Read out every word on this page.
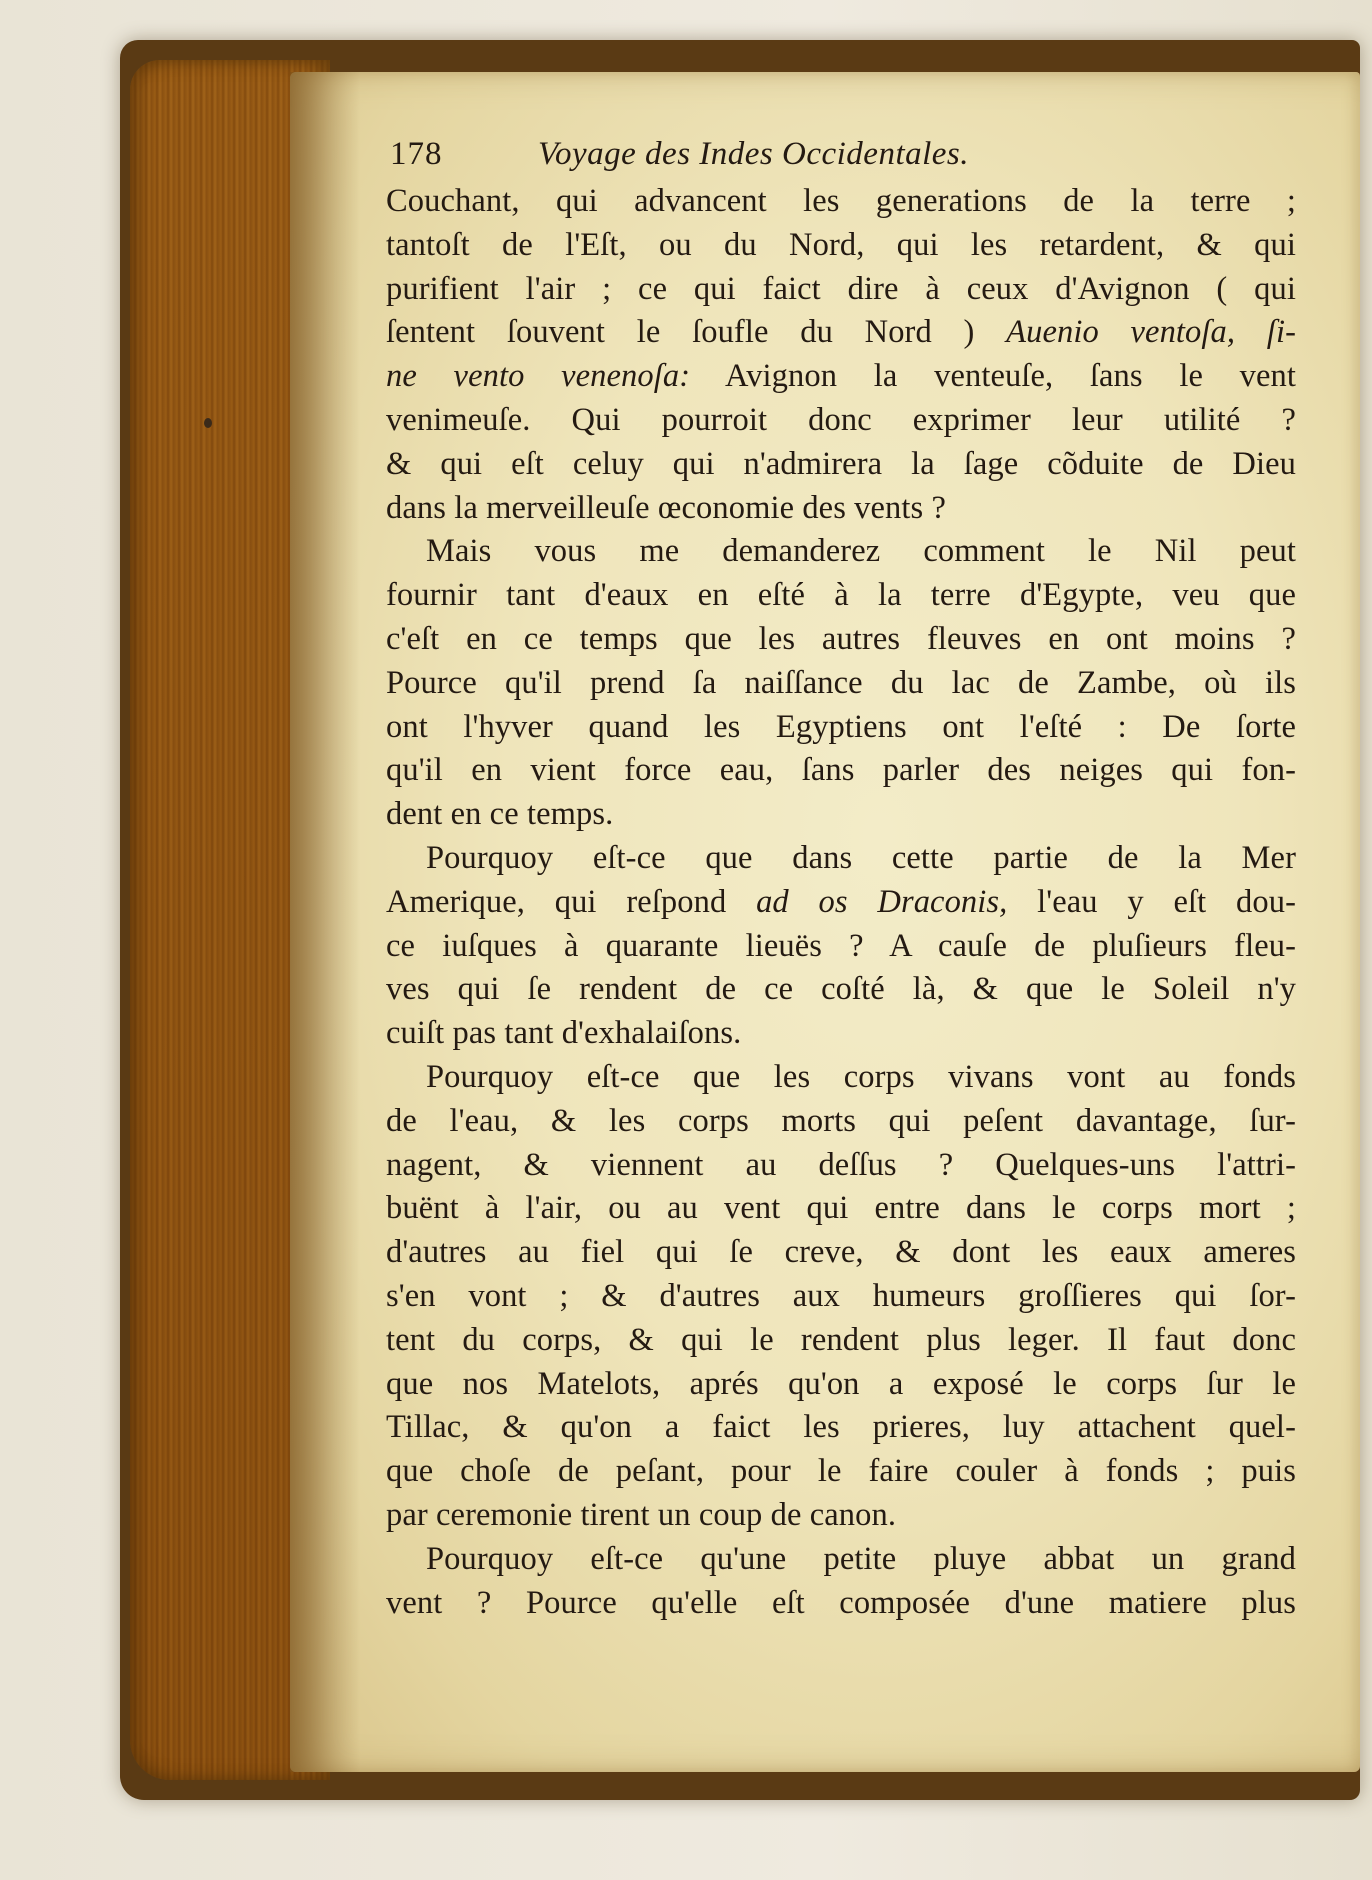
178	Voyage des Indes Occidentales.
Couchant, qui advancent les generations de la terre ;
tantoſt de l'Eſt, ou du Nord, qui les retardent, & qui
purifient l'air ; ce qui faict dire à ceux d'Avignon ( qui
ſentent ſouvent le ſoufle du Nord ) Auenio ventoſa, ſi-
ne vento venenoſa: Avignon la venteuſe, ſans le vent
venimeuſe. Qui pourroit donc exprimer leur utilité ?
& qui eſt celuy qui n'admirera la ſage cõduite de Dieu
dans la merveilleuſe œconomie des vents ?
Mais vous me demanderez comment le Nil peut
fournir tant d'eaux en eſté à la terre d'Egypte, veu que
c'eſt en ce temps que les autres fleuves en ont moins ?
Pource qu'il prend ſa naiſſance du lac de Zambe, où ils
ont l'hyver quand les Egyptiens ont l'eſté : De ſorte
qu'il en vient force eau, ſans parler des neiges qui fon-
dent en ce temps.
Pourquoy eſt-ce que dans cette partie de la Mer
Amerique, qui reſpond ad os Draconis, l'eau y eſt dou-
ce iuſques à quarante lieuës ? A cauſe de pluſieurs fleu-
ves qui ſe rendent de ce coſté là, & que le Soleil n'y
cuiſt pas tant d'exhalaiſons.
Pourquoy eſt-ce que les corps vivans vont au fonds
de l'eau, & les corps morts qui peſent davantage, ſur-
nagent, & viennent au deſſus ? Quelques-uns l'attri-
buënt à l'air, ou au vent qui entre dans le corps mort ;
d'autres au fiel qui ſe creve, & dont les eaux ameres
s'en vont ; & d'autres aux humeurs groſſieres qui ſor-
tent du corps, & qui le rendent plus leger. Il faut donc
que nos Matelots, aprés qu'on a exposé le corps ſur le
Tillac, & qu'on a faict les prieres, luy attachent quel-
que choſe de peſant, pour le faire couler à fonds ; puis
par ceremonie tirent un coup de canon.
Pourquoy eſt-ce qu'une petite pluye abbat un grand
vent ? Pource qu'elle eſt composée d'une matiere plus
